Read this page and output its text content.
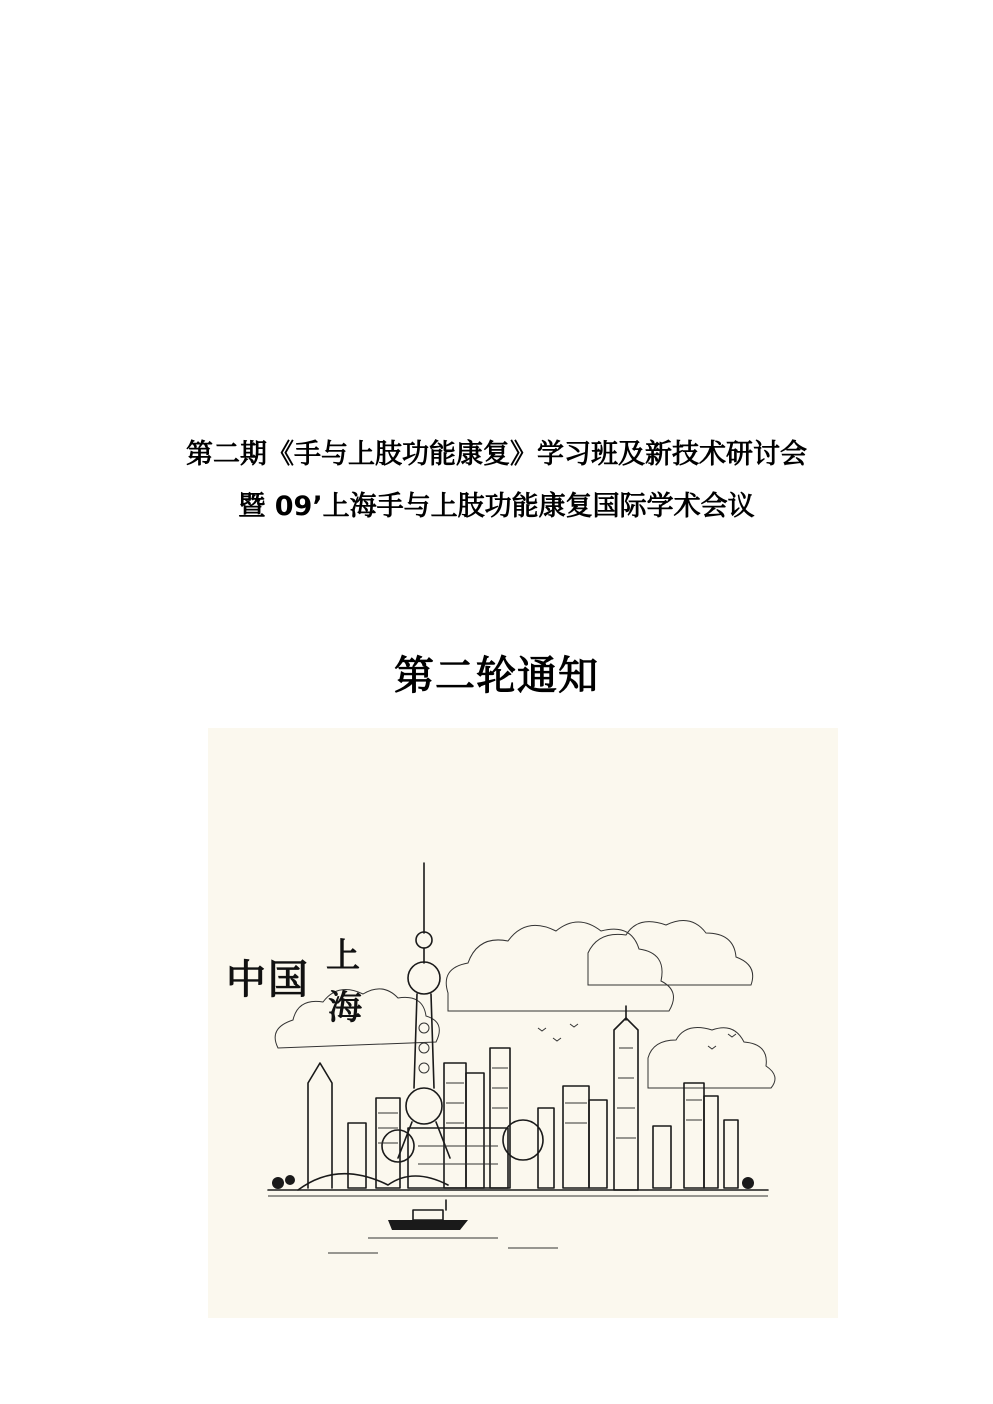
第二期《手与上肢功能康复》学习班及新技术研讨会
暨 09’上海手与上肢功能康复国际学术会议
第二轮通知
中国 上
海
